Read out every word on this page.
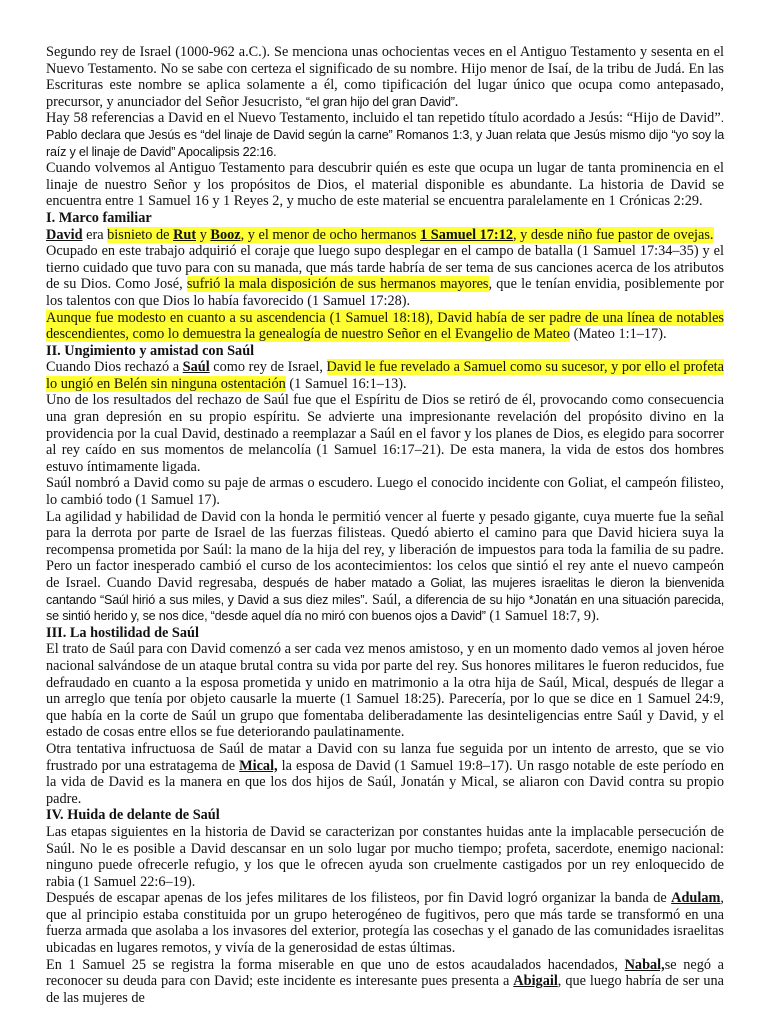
Segundo rey de Israel (1000-962 a.C.). Se menciona unas ochocientas veces en el Antiguo Testamento y sesenta en el Nuevo Testamento. No se sabe con certeza el significado de su nombre. Hijo menor de Isaí, de la tribu de Judá. En las Escrituras este nombre se aplica solamente a él, como tipificación del lugar único que ocupa como antepasado, precursor, y anunciador del Señor Jesucristo, “el gran hijo del gran David”.

Hay 58 referencias a David en el Nuevo Testamento, incluido el tan repetido título acordado a Jesús: “Hijo de David”. Pablo declara que Jesús es “del linaje de David según la carne” Romanos 1:3, y Juan relata que Jesús mismo dijo “yo soy la raíz y el linaje de David” Apocalipsis 22:16.

Cuando volvemos al Antiguo Testamento para descubrir quién es este que ocupa un lugar de tanta prominencia en el linaje de nuestro Señor y los propósitos de Dios, el material disponible es abundante. La historia de David se encuentra entre 1 Samuel 16 y 1 Reyes 2, y mucho de este material se encuentra paralelamente en 1 Crónicas 2:29.

I. Marco familiar

David era bisnieto de Rut y Booz, y el menor de ocho hermanos 1 Samuel 17:12, y desde niño fue pastor de ovejas.

Ocupado en este trabajo adquirió el coraje que luego supo desplegar en el campo de batalla (1 Samuel 17:34–35) y el tierno cuidado que tuvo para con su manada, que más tarde habría de ser tema de sus canciones acerca de los atributos de su Dios. Como José, sufrió la mala disposición de sus hermanos mayores, que le tenían envidia, posiblemente por los talentos con que Dios lo había favorecido (1 Samuel 17:28).

Aunque fue modesto en cuanto a su ascendencia (1 Samuel 18:18), David había de ser padre de una línea de notables descendientes, como lo demuestra la genealogía de nuestro Señor en el Evangelio de Mateo (Mateo 1:1–17).

II. Ungimiento y amistad con Saúl

Cuando Dios rechazó a Saúl como rey de Israel, David le fue revelado a Samuel como su sucesor, y por ello el profeta lo ungió en Belén sin ninguna ostentación (1 Samuel 16:1–13).

Uno de los resultados del rechazo de Saúl fue que el Espíritu de Dios se retiró de él, provocando como consecuencia una gran depresión en su propio espíritu. Se advierte una impresionante revelación del propósito divino en la providencia por la cual David, destinado a reemplazar a Saúl en el favor y los planes de Dios, es elegido para socorrer al rey caído en sus momentos de melancolía (1 Samuel 16:17–21). De esta manera, la vida de estos dos hombres estuvo íntimamente ligada.

Saúl nombró a David como su paje de armas o escudero. Luego el conocido incidente con Goliat, el campeón filisteo, lo cambió todo (1 Samuel 17).

La agilidad y habilidad de David con la honda le permitió vencer al fuerte y pesado gigante, cuya muerte fue la señal para la derrota por parte de Israel de las fuerzas filisteas. Quedó abierto el camino para que David hiciera suya la recompensa prometida por Saúl: la mano de la hija del rey, y liberación de impuestos para toda la familia de su padre. Pero un factor inesperado cambió el curso de los acontecimientos: los celos que sintió el rey ante el nuevo campeón de Israel. Cuando David regresaba, después de haber matado a Goliat, las mujeres israelitas le dieron la bienvenida cantando “Saúl hirió a sus miles, y David a sus diez miles”. Saúl, a diferencia de su hijo *Jonatán en una situación parecida, se sintió herido y, se nos dice, “desde aquel día no miró con buenos ojos a David” (1 Samuel 18:7, 9).

III. La hostilidad de Saúl

El trato de Saúl para con David comenzó a ser cada vez menos amistoso, y en un momento dado vemos al joven héroe nacional salvándose de un ataque brutal contra su vida por parte del rey. Sus honores militares le fueron reducidos, fue defraudado en cuanto a la esposa prometida y unido en matrimonio a la otra hija de Saúl, Mical, después de llegar a un arreglo que tenía por objeto causarle la muerte (1 Samuel 18:25). Parecería, por lo que se dice en 1 Samuel 24:9, que había en la corte de Saúl un grupo que fomentaba deliberadamente las desinteligencias entre Saúl y David, y el estado de cosas entre ellos se fue deteriorando paulatinamente.

Otra tentativa infructuosa de Saúl de matar a David con su lanza fue seguida por un intento de arresto, que se vio frustrado por una estratagema de Mical, la esposa de David (1 Samuel 19:8–17). Un rasgo notable de este período en la vida de David es la manera en que los dos hijos de Saúl, Jonatán y Mical, se aliaron con David contra su propio padre.

IV. Huida de delante de Saúl

Las etapas siguientes en la historia de David se caracterizan por constantes huidas ante la implacable persecución de Saúl. No le es posible a David descansar en un solo lugar por mucho tiempo; profeta, sacerdote, enemigo nacional: ninguno puede ofrecerle refugio, y los que le ofrecen ayuda son cruelmente castigados por un rey enloquecido de rabia (1 Samuel 22:6–19).

Después de escapar apenas de los jefes militares de los filisteos, por fin David logró organizar la banda de Adulam, que al principio estaba constituida por un grupo heterogéneo de fugitivos, pero que más tarde se transformó en una fuerza armada que asolaba a los invasores del exterior, protegía las cosechas y el ganado de las comunidades israelitas ubicadas en lugares remotos, y vivía de la generosidad de estas últimas.

En 1 Samuel 25 se registra la forma miserable en que uno de estos acaudalados hacendados, Nabal,se negó a reconocer su deuda para con David; este incidente es interesante pues presenta a Abigail, que luego habría de ser una de las mujeres de
